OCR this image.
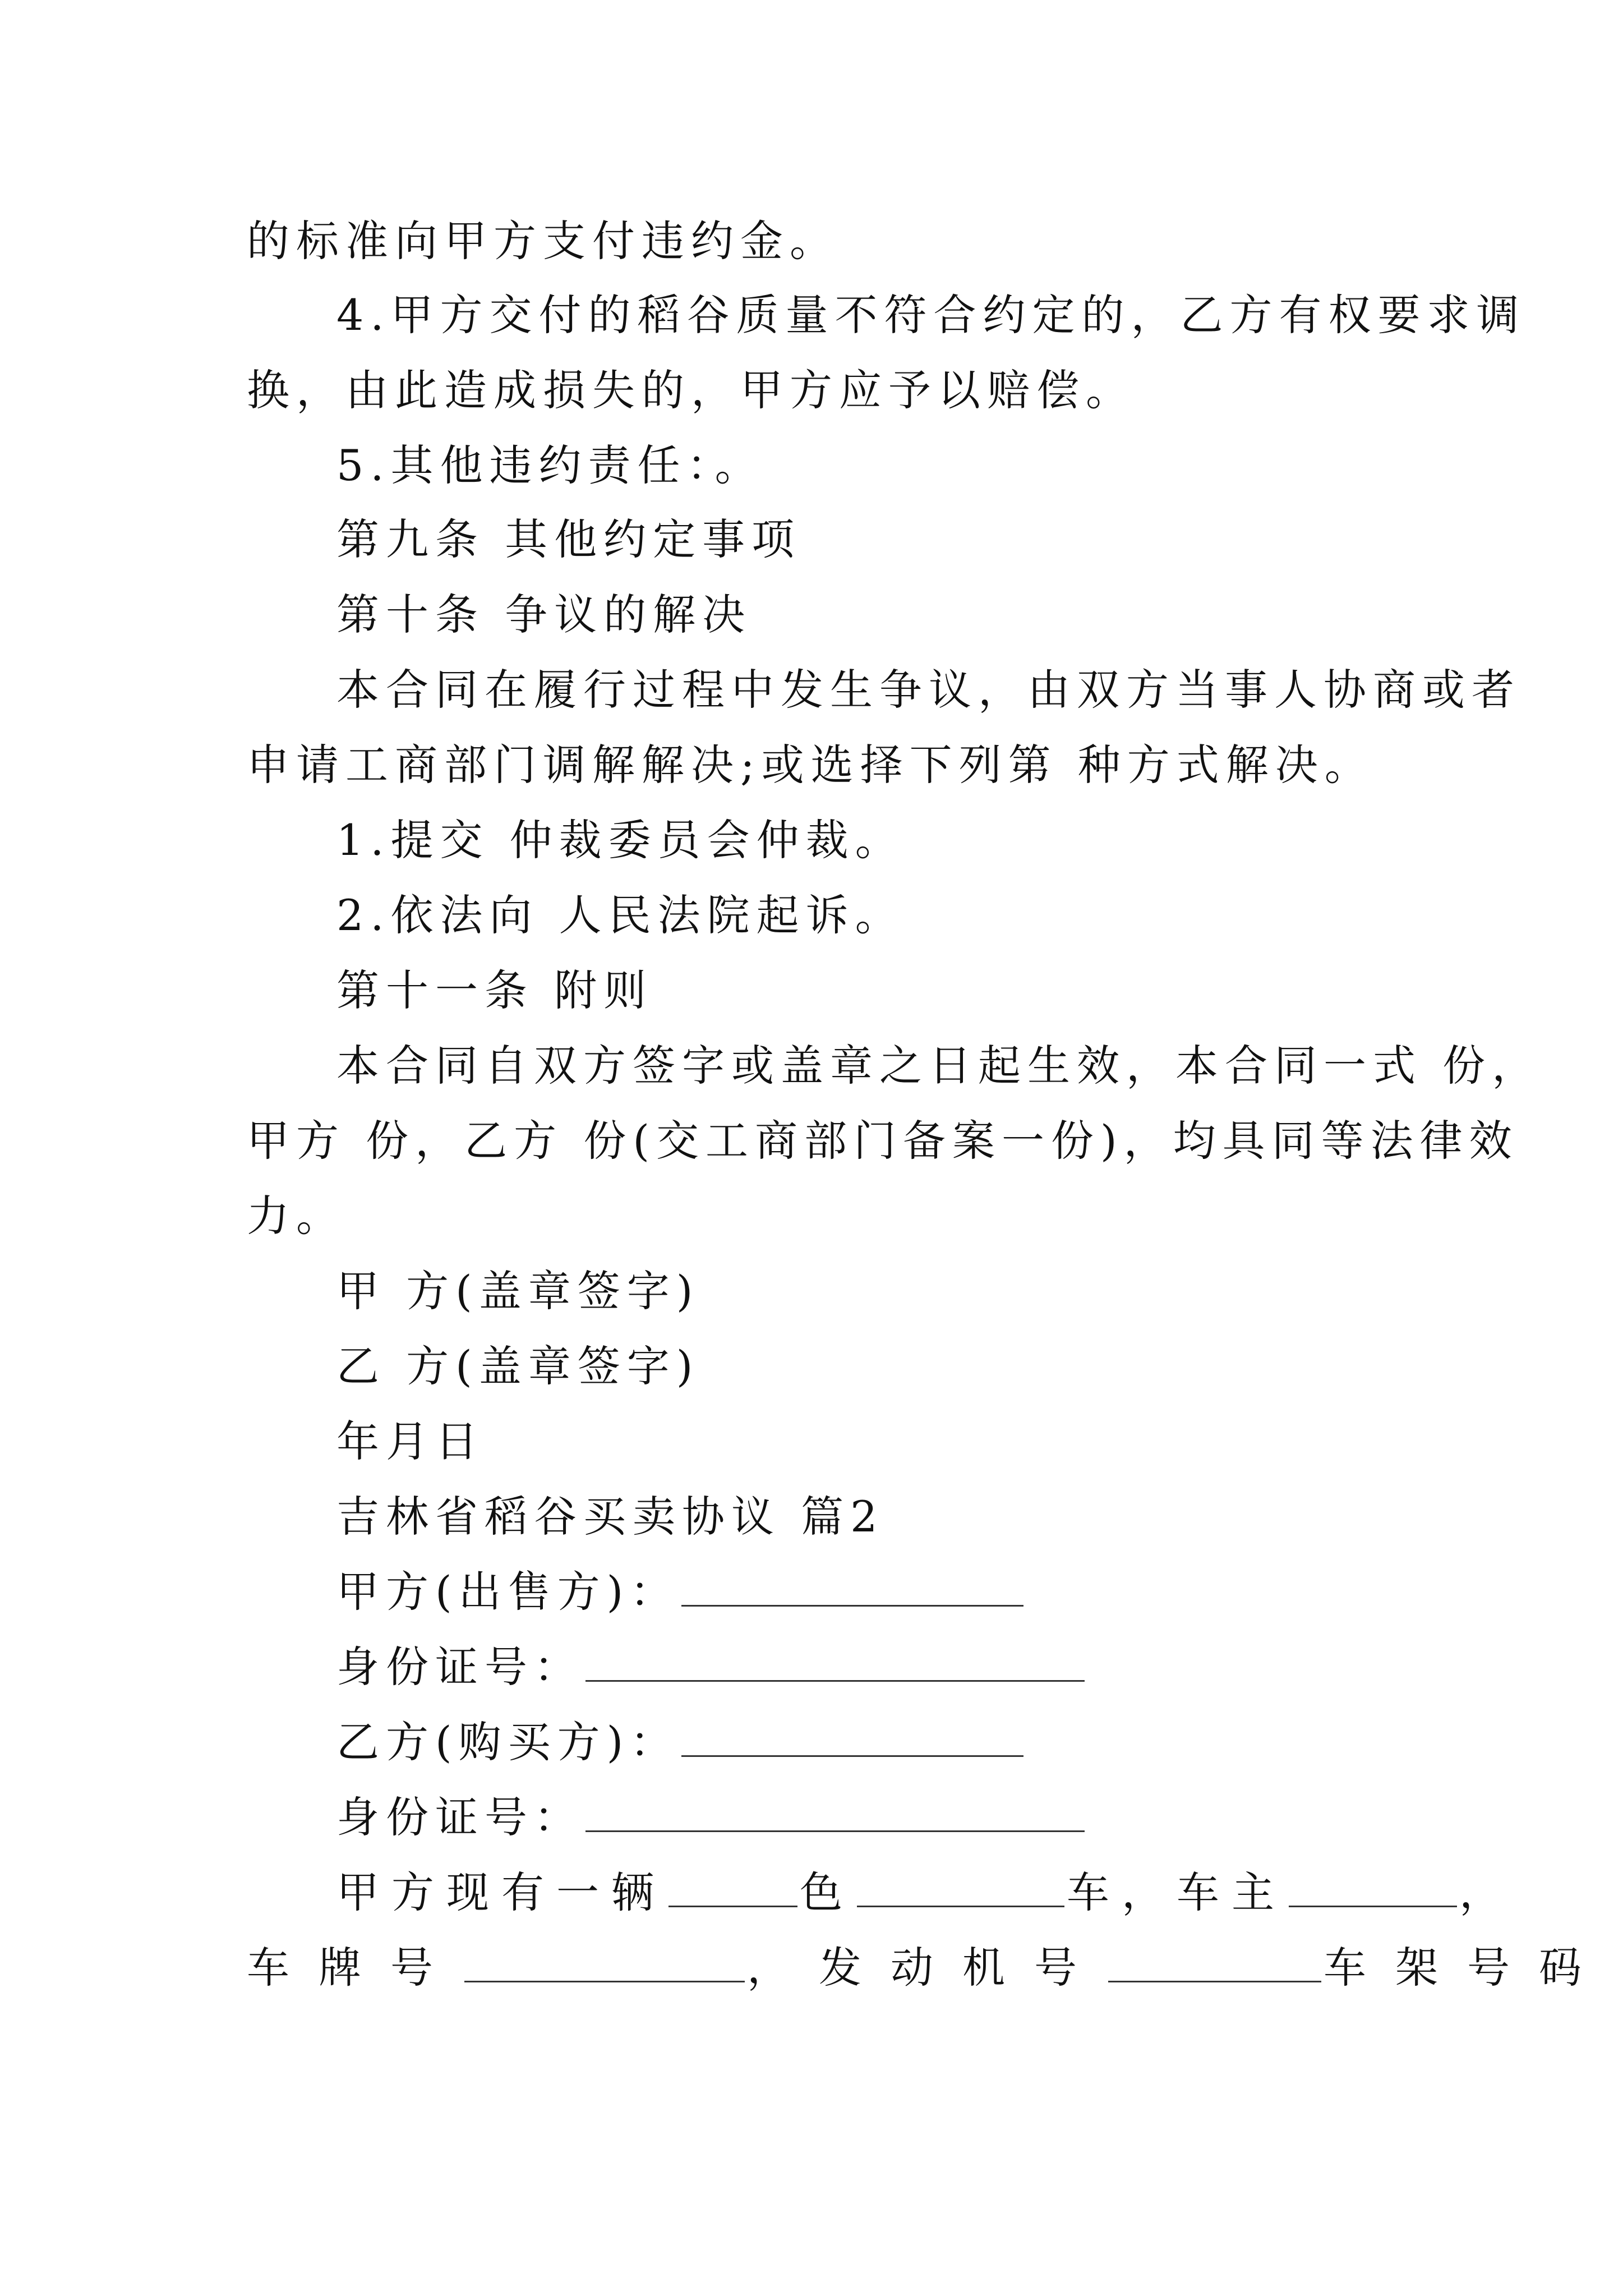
的标准向甲方支付违约金。
4.甲方交付的稻谷质量不符合约定的，乙方有权要求调
换，由此造成损失的，甲方应予以赔偿。
5.其他违约责任：。
第九条 其他约定事项
第十条 争议的解决
本合同在履行过程中发生争议，由双方当事人协商或者
申请工商部门调解解决;或选择下列第 种方式解决。
1.提交 仲裁委员会仲裁。
2.依法向 人民法院起诉。
第十一条 附则
本合同自双方签字或盖章之日起生效，本合同一式 份，
甲方 份，乙方 份(交工商部门备案一份)，均具同等法律效
力。
甲 方(盖章签字)
乙 方(盖章签字)
年月日
吉林省稻谷买卖协议 篇2
甲方(出售方)：
身份证号：
乙方(购买方)：
身份证号：
甲方现有一辆	色	车，车主	，
车牌号	，发动机号	车架号码
